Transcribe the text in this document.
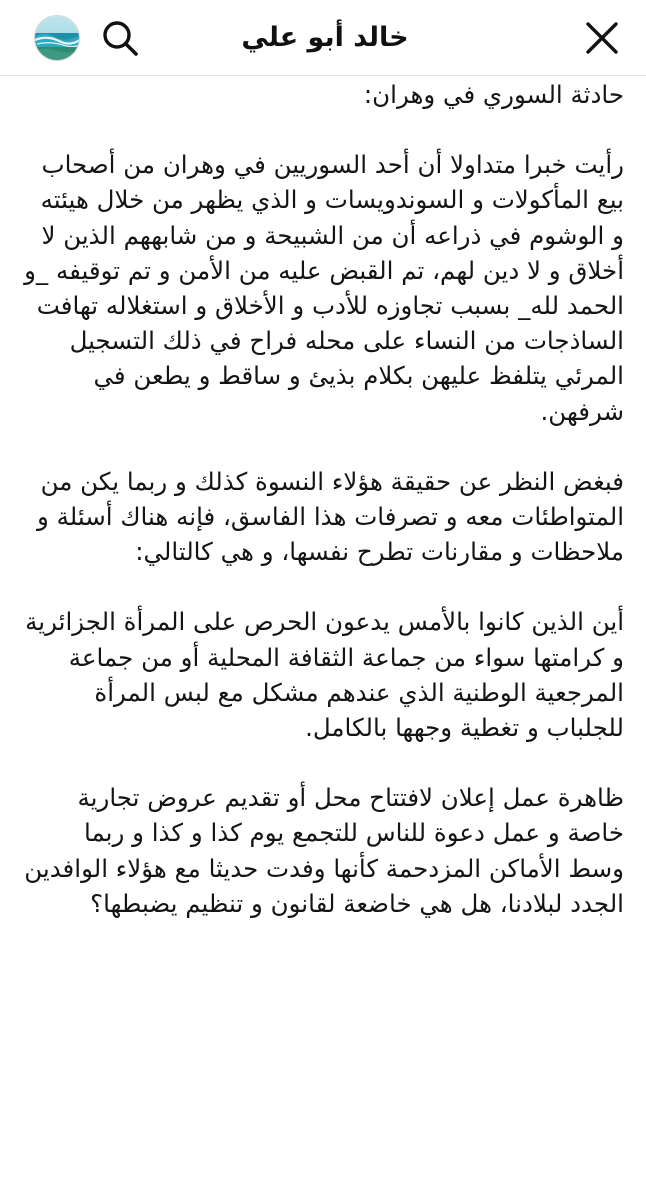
خالد أبو علي

حادثة السوري في وهران:

رأيت خبرا متداولا أن أحد السوريين في وهران من أصحاب بيع المأكولات و السوندويسات و الذي يظهر من خلال هيئته و الوشوم في ذراعه أن من الشبيحة و من شابههم الذين لا أخلاق و لا دين لهم، تم القبض عليه من الأمن و تم توقيفه _و الحمد لله_ بسبب تجاوزه للأدب و الأخلاق و استغلاله تهافت الساذجات من النساء على محله فراح في ذلك التسجيل المرئي يتلفظ عليهن بكلام بذيئ و ساقط و يطعن في شرفهن.

فبغض النظر عن حقيقة هؤلاء النسوة كذلك و ربما يكن من المتواطئات معه و تصرفات هذا الفاسق، فإنه هناك أسئلة و ملاحظات و مقارنات تطرح نفسها، و هي كالتالي:

أين الذين كانوا بالأمس يدعون الحرص على المرأة الجزائرية و كرامتها سواء من جماعة الثقافة المحلية أو من جماعة المرجعية الوطنية الذي عندهم مشكل مع لبس المرأة للجلباب و تغطية وجهها بالكامل.

ظاهرة عمل إعلان لافتتاح محل أو تقديم عروض تجارية خاصة و عمل دعوة للناس للتجمع يوم كذا و كذا و ربما وسط الأماكن المزدحمة كأنها وفدت حديثا مع هؤلاء الوافدين الجدد لبلادنا، هل هي خاضعة لقانون و تنظيم يضبطها؟
